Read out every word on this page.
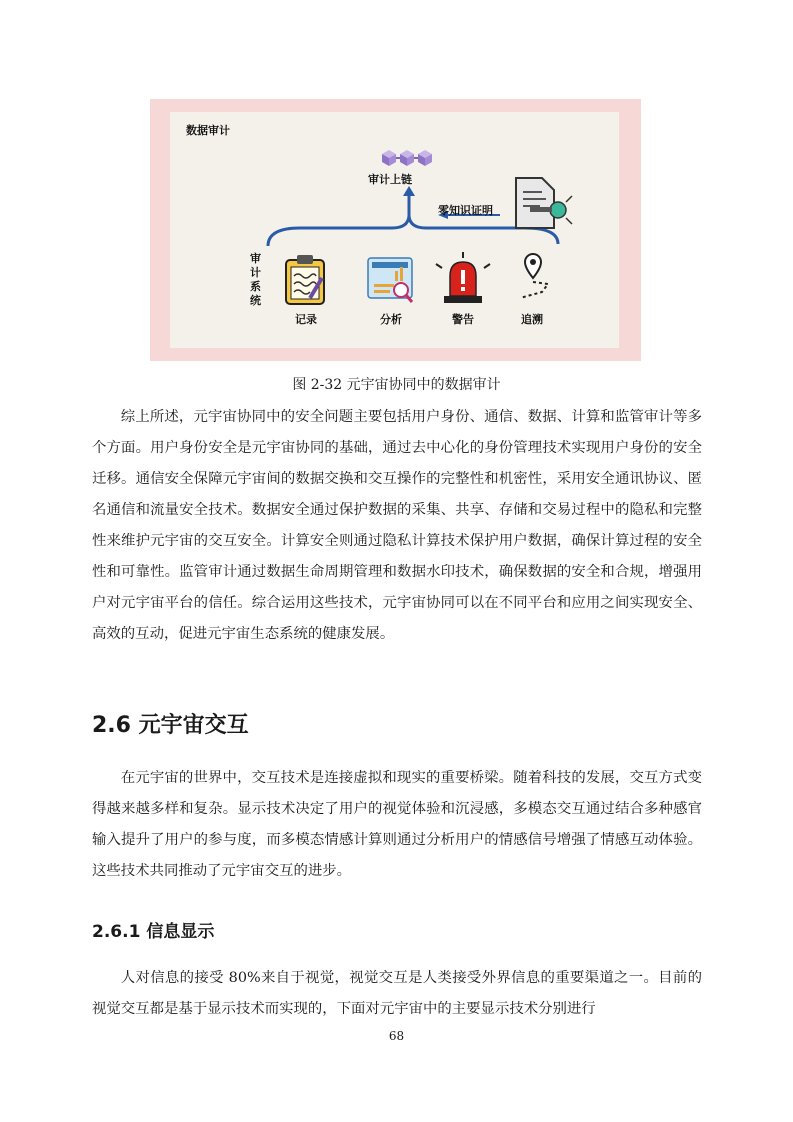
数据审计
审计上链
零知识证明
审计系统
记录	分析	警告	追溯
图 2-32 元宇宙协同中的数据审计

综上所述，元宇宙协同中的安全问题主要包括用户身份、通信、数据、计算和监管审计等多个方面。用户身份安全是元宇宙协同的基础，通过去中心化的身份管理技术实现用户身份的安全迁移。通信安全保障元宇宙间的数据交换和交互操作的完整性和机密性，采用安全通讯协议、匿名通信和流量安全技术。数据安全通过保护数据的采集、共享、存储和交易过程中的隐私和完整性来维护元宇宙的交互安全。计算安全则通过隐私计算技术保护用户数据，确保计算过程的安全性和可靠性。监管审计通过数据生命周期管理和数据水印技术，确保数据的安全和合规，增强用户对元宇宙平台的信任。综合运用这些技术，元宇宙协同可以在不同平台和应用之间实现安全、高效的互动，促进元宇宙生态系统的健康发展。

2.6 元宇宙交互

在元宇宙的世界中，交互技术是连接虚拟和现实的重要桥梁。随着科技的发展，交互方式变得越来越多样和复杂。显示技术决定了用户的视觉体验和沉浸感，多模态交互通过结合多种感官输入提升了用户的参与度，而多模态情感计算则通过分析用户的情感信号增强了情感互动体验。这些技术共同推动了元宇宙交互的进步。

2.6.1 信息显示

人对信息的接受 80%来自于视觉，视觉交互是人类接受外界信息的重要渠道之一。目前的视觉交互都是基于显示技术而实现的，下面对元宇宙中的主要显示技术分别进行

68
